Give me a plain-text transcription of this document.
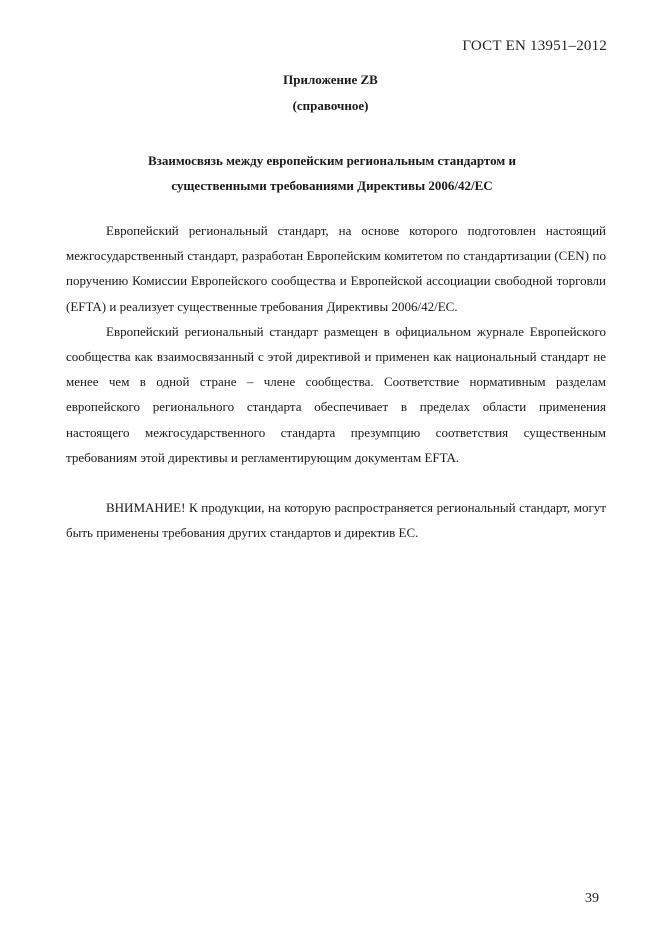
ГОСТ EN 13951–2012
Приложение ZB
(справочное)
Взаимосвязь между европейским региональным стандартом и
существенными требованиями Директивы 2006/42/ЕС

Европейский региональный стандарт, на основе которого подготовлен настоящий межгосударственный стандарт, разработан Европейским комитетом по стандартизации (CEN) по поручению Комиссии Европейского сообщества и Европейской ассоциации свободной торговли (EFTA) и реализует существенные требования Директивы 2006/42/ЕС.

Европейский региональный стандарт размещен в официальном журнале Европейского сообщества как взаимосвязанный с этой директивой и применен как национальный стандарт не менее чем в одной стране – члене сообщества. Соответствие нормативным разделам европейского регионального стандарта обеспечивает в пределах области применения настоящего межгосударственного стандарта презумпцию соответствия существенным требованиям этой директивы и регламентирующим документам EFTA.

ВНИМАНИЕ! К продукции, на которую распространяется региональный стандарт, могут быть применены требования других стандартов и директив ЕС.

39
